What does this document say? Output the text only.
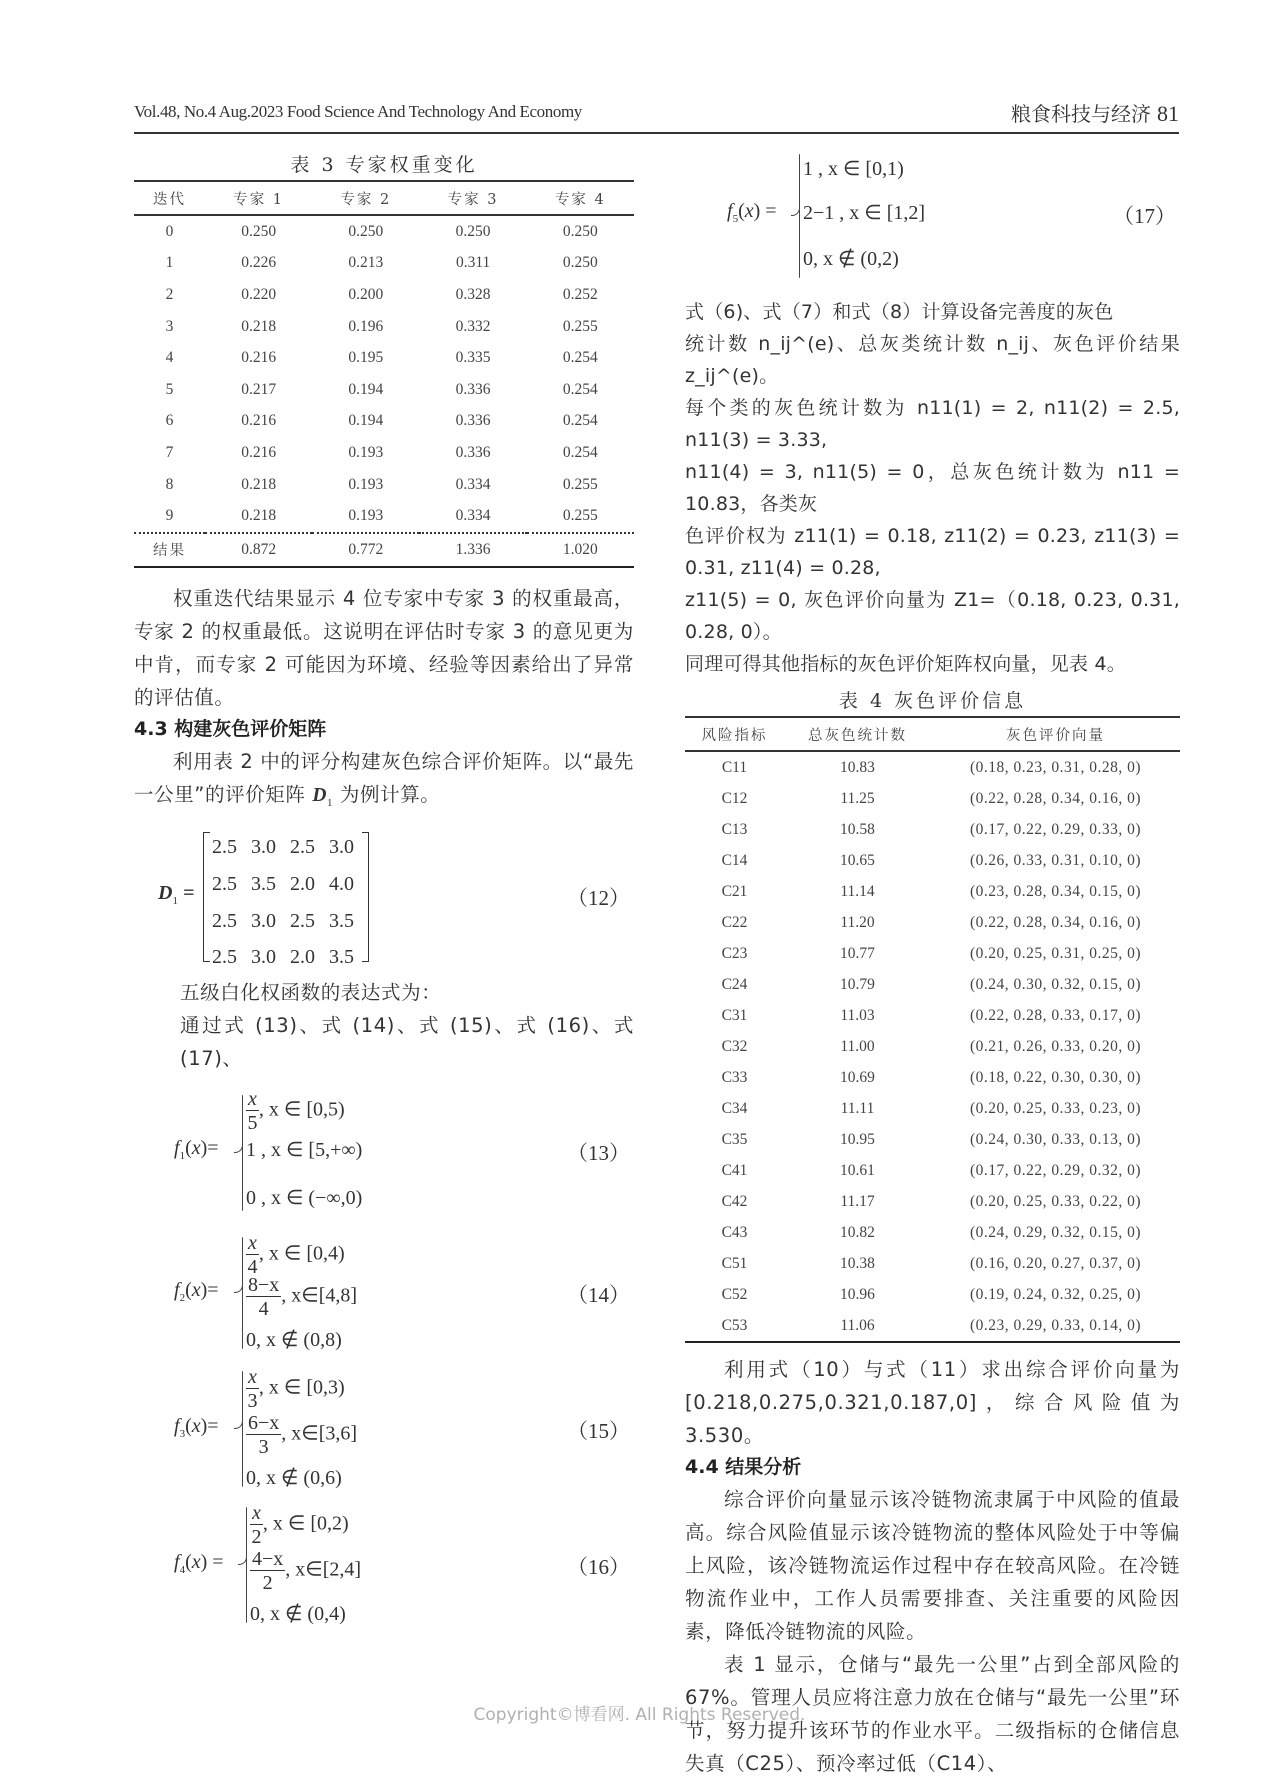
Vol.48, No.4 Aug.2023 Food Science And Technology And Economy	粮食科技与经济 81
表 3 专家权重变化
迭代	专家 1	专家 2	专家 3	专家 4
0	0.250	0.250	0.250	0.250
1	0.226	0.213	0.311	0.250
2	0.220	0.200	0.328	0.252
3	0.218	0.196	0.332	0.255
4	0.216	0.195	0.335	0.254
5	0.217	0.194	0.336	0.254
6	0.216	0.194	0.336	0.254
7	0.216	0.193	0.336	0.254
8	0.218	0.193	0.334	0.255
9	0.218	0.193	0.334	0.255
结果	0.872	0.772	1.336	1.020
权重迭代结果显示 4 位专家中专家 3 的权重最高，专家 2 的权重最低。这说明在评估时专家 3 的意见更为中肯，而专家 2 可能因为环境、经验等因素给出了异常的评估值。
4.3 构建灰色评价矩阵
利用表 2 中的评分构建灰色综合评价矩阵。以“最先一公里”的评价矩阵 $D_1$ 为例计算。
$D_1$ =
2.5 3.0 2.5 3.0
2.5 3.5 2.0 4.0
2.5 3.0 2.5 3.5
2.5 3.0 2.0 3.5
（12）
五级白化权函数的表达式为：
通过式 (13)、式 (14)、式 (15)、式 (16)、式 (17)、
$f_1(x)=$
$\frac{x}{5}$ , x ∈ [0,5)
1 , x ∈ [5,+∞)
0 , x ∈ (−∞,0)
（13）
$f_2(x)=$
$\frac{x}{4}$ , x ∈ [0,4)
$\frac{8-x}{4}$ , x∈[4,8]
0, x ∉ (0,8)
（14）
$f_3(x)=$
$\frac{x}{3}$ , x ∈ [0,3)
$\frac{6-x}{3}$ , x∈[3,6]
0, x ∉ (0,6)
（15）
$f_4(x)$ =
$\frac{x}{2}$ , x ∈ [0,2)
$\frac{4-x}{2}$ , x∈[2,4]
0, x ∉ (0,4)
（16）
$f_5(x)$ =
1 , x ∈ [0,1)
2−1 , x ∈ [1,2]
0, x ∉ (0,2)
（17）
式（6)、式（7）和式（8）计算设备完善度的灰色
统计数 n_ij^(e)、总灰类统计数 n_ij、灰色评价结果 z_ij^(e)。
每个类的灰色统计数为 n11(1) = 2, n11(2) = 2.5, n11(3) = 3.33,
n11(4) = 3, n11(5) = 0，总灰色统计数为 n11 = 10.83，各类灰
色评价权为 z11(1) = 0.18, z11(2) = 0.23, z11(3) = 0.31, z11(4) = 0.28,
z11(5) = 0, 灰色评价向量为 Z1=（0.18, 0.23, 0.31, 0.28, 0）。
同理可得其他指标的灰色评价矩阵权向量，见表 4。
表 4 灰色评价信息
风险指标	总灰色统计数	灰色评价向量
C11	10.83	(0.18, 0.23, 0.31, 0.28, 0)
C12	11.25	(0.22, 0.28, 0.34, 0.16, 0)
C13	10.58	(0.17, 0.22, 0.29, 0.33, 0)
C14	10.65	(0.26, 0.33, 0.31, 0.10, 0)
C21	11.14	(0.23, 0.28, 0.34, 0.15, 0)
C22	11.20	(0.22, 0.28, 0.34, 0.16, 0)
C23	10.77	(0.20, 0.25, 0.31, 0.25, 0)
C24	10.79	(0.24, 0.30, 0.32, 0.15, 0)
C31	11.03	(0.22, 0.28, 0.33, 0.17, 0)
C32	11.00	(0.21, 0.26, 0.33, 0.20, 0)
C33	10.69	(0.18, 0.22, 0.30, 0.30, 0)
C34	11.11	(0.20, 0.25, 0.33, 0.23, 0)
C35	10.95	(0.24, 0.30, 0.33, 0.13, 0)
C41	10.61	(0.17, 0.22, 0.29, 0.32, 0)
C42	11.17	(0.20, 0.25, 0.33, 0.22, 0)
C43	10.82	(0.24, 0.29, 0.32, 0.15, 0)
C51	10.38	(0.16, 0.20, 0.27, 0.37, 0)
C52	10.96	(0.19, 0.24, 0.32, 0.25, 0)
C53	11.06	(0.23, 0.29, 0.33, 0.14, 0)
利用式（10）与式（11）求出综合评价向量为 [0.218,0.275,0.321,0.187,0]，综合风险值为 3.530。
4.4 结果分析
综合评价向量显示该冷链物流隶属于中风险的值最高。综合风险值显示该冷链物流的整体风险处于中等偏上风险，该冷链物流运作过程中存在较高风险。在冷链物流作业中，工作人员需要排查、关注重要的风险因素，降低冷链物流的风险。
表 1 显示，仓储与“最先一公里”占到全部风险的 67%。管理人员应将注意力放在仓储与“最先一公里”环节，努力提升该环节的作业水平。二级指标的仓储信息失真（C25）、预冷率过低（C14）、
Copyright©博看网. All Rights Reserved.
